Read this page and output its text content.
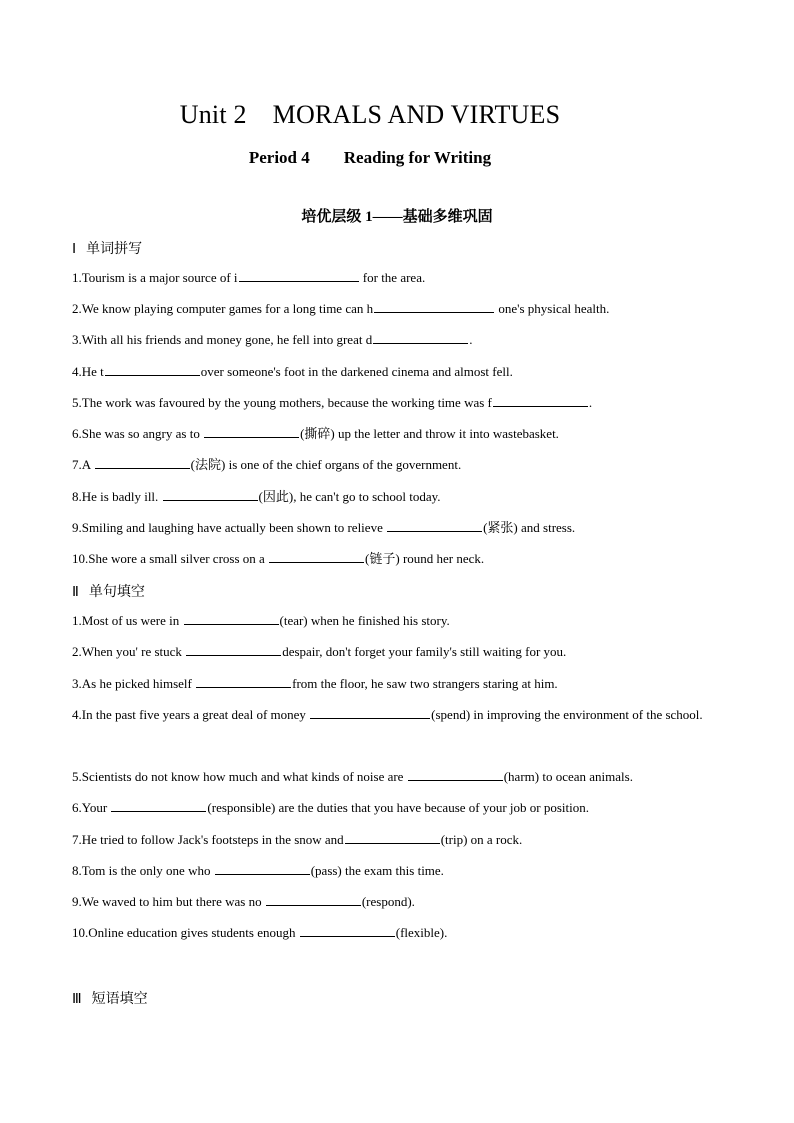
Unit 2 MORALS AND VIRTUES
Period 4 Reading for Writing
培优层级 1——基础多维巩固
Ⅰ 单词拼写
1.Tourism is a major source of i	for the area.
2.We know playing computer games for a long time can h	one's physical health.
3.With all his friends and money gone, he fell into great d	.
4.He t	over someone's foot in the darkened cinema and almost fell.
5.The work was favoured by the young mothers, because the working time was f	.
6.She was so angry as to	(撕碎) up the letter and throw it into wastebasket.
7.A	(法院) is one of the chief organs of the government.
8.He is badly ill.	(因此), he can't go to school today.
9.Smiling and laughing have actually been shown to relieve	(紧张) and stress.
10.She wore a small silver cross on a	(链子) round her neck.
Ⅱ 单句填空
1.Most of us were in	(tear) when he finished his story.
2.When you' re stuck	despair, don't forget your family's still waiting for you.
3.As he picked himself	from the floor, he saw two strangers staring at him.
4.In the past five years a great deal of money	(spend) in improving the environment of the school.
5.Scientists do not know how much and what kinds of noise are	(harm) to ocean animals.
6.Your	(responsible) are the duties that you have because of your job or position.
7.He tried to follow Jack's footsteps in the snow and	(trip) on a rock.
8.Tom is the only one who	(pass) the exam this time.
9.We waved to him but there was no	(respond).
10.Online education gives students enough	(flexible).
Ⅲ 短语填空
